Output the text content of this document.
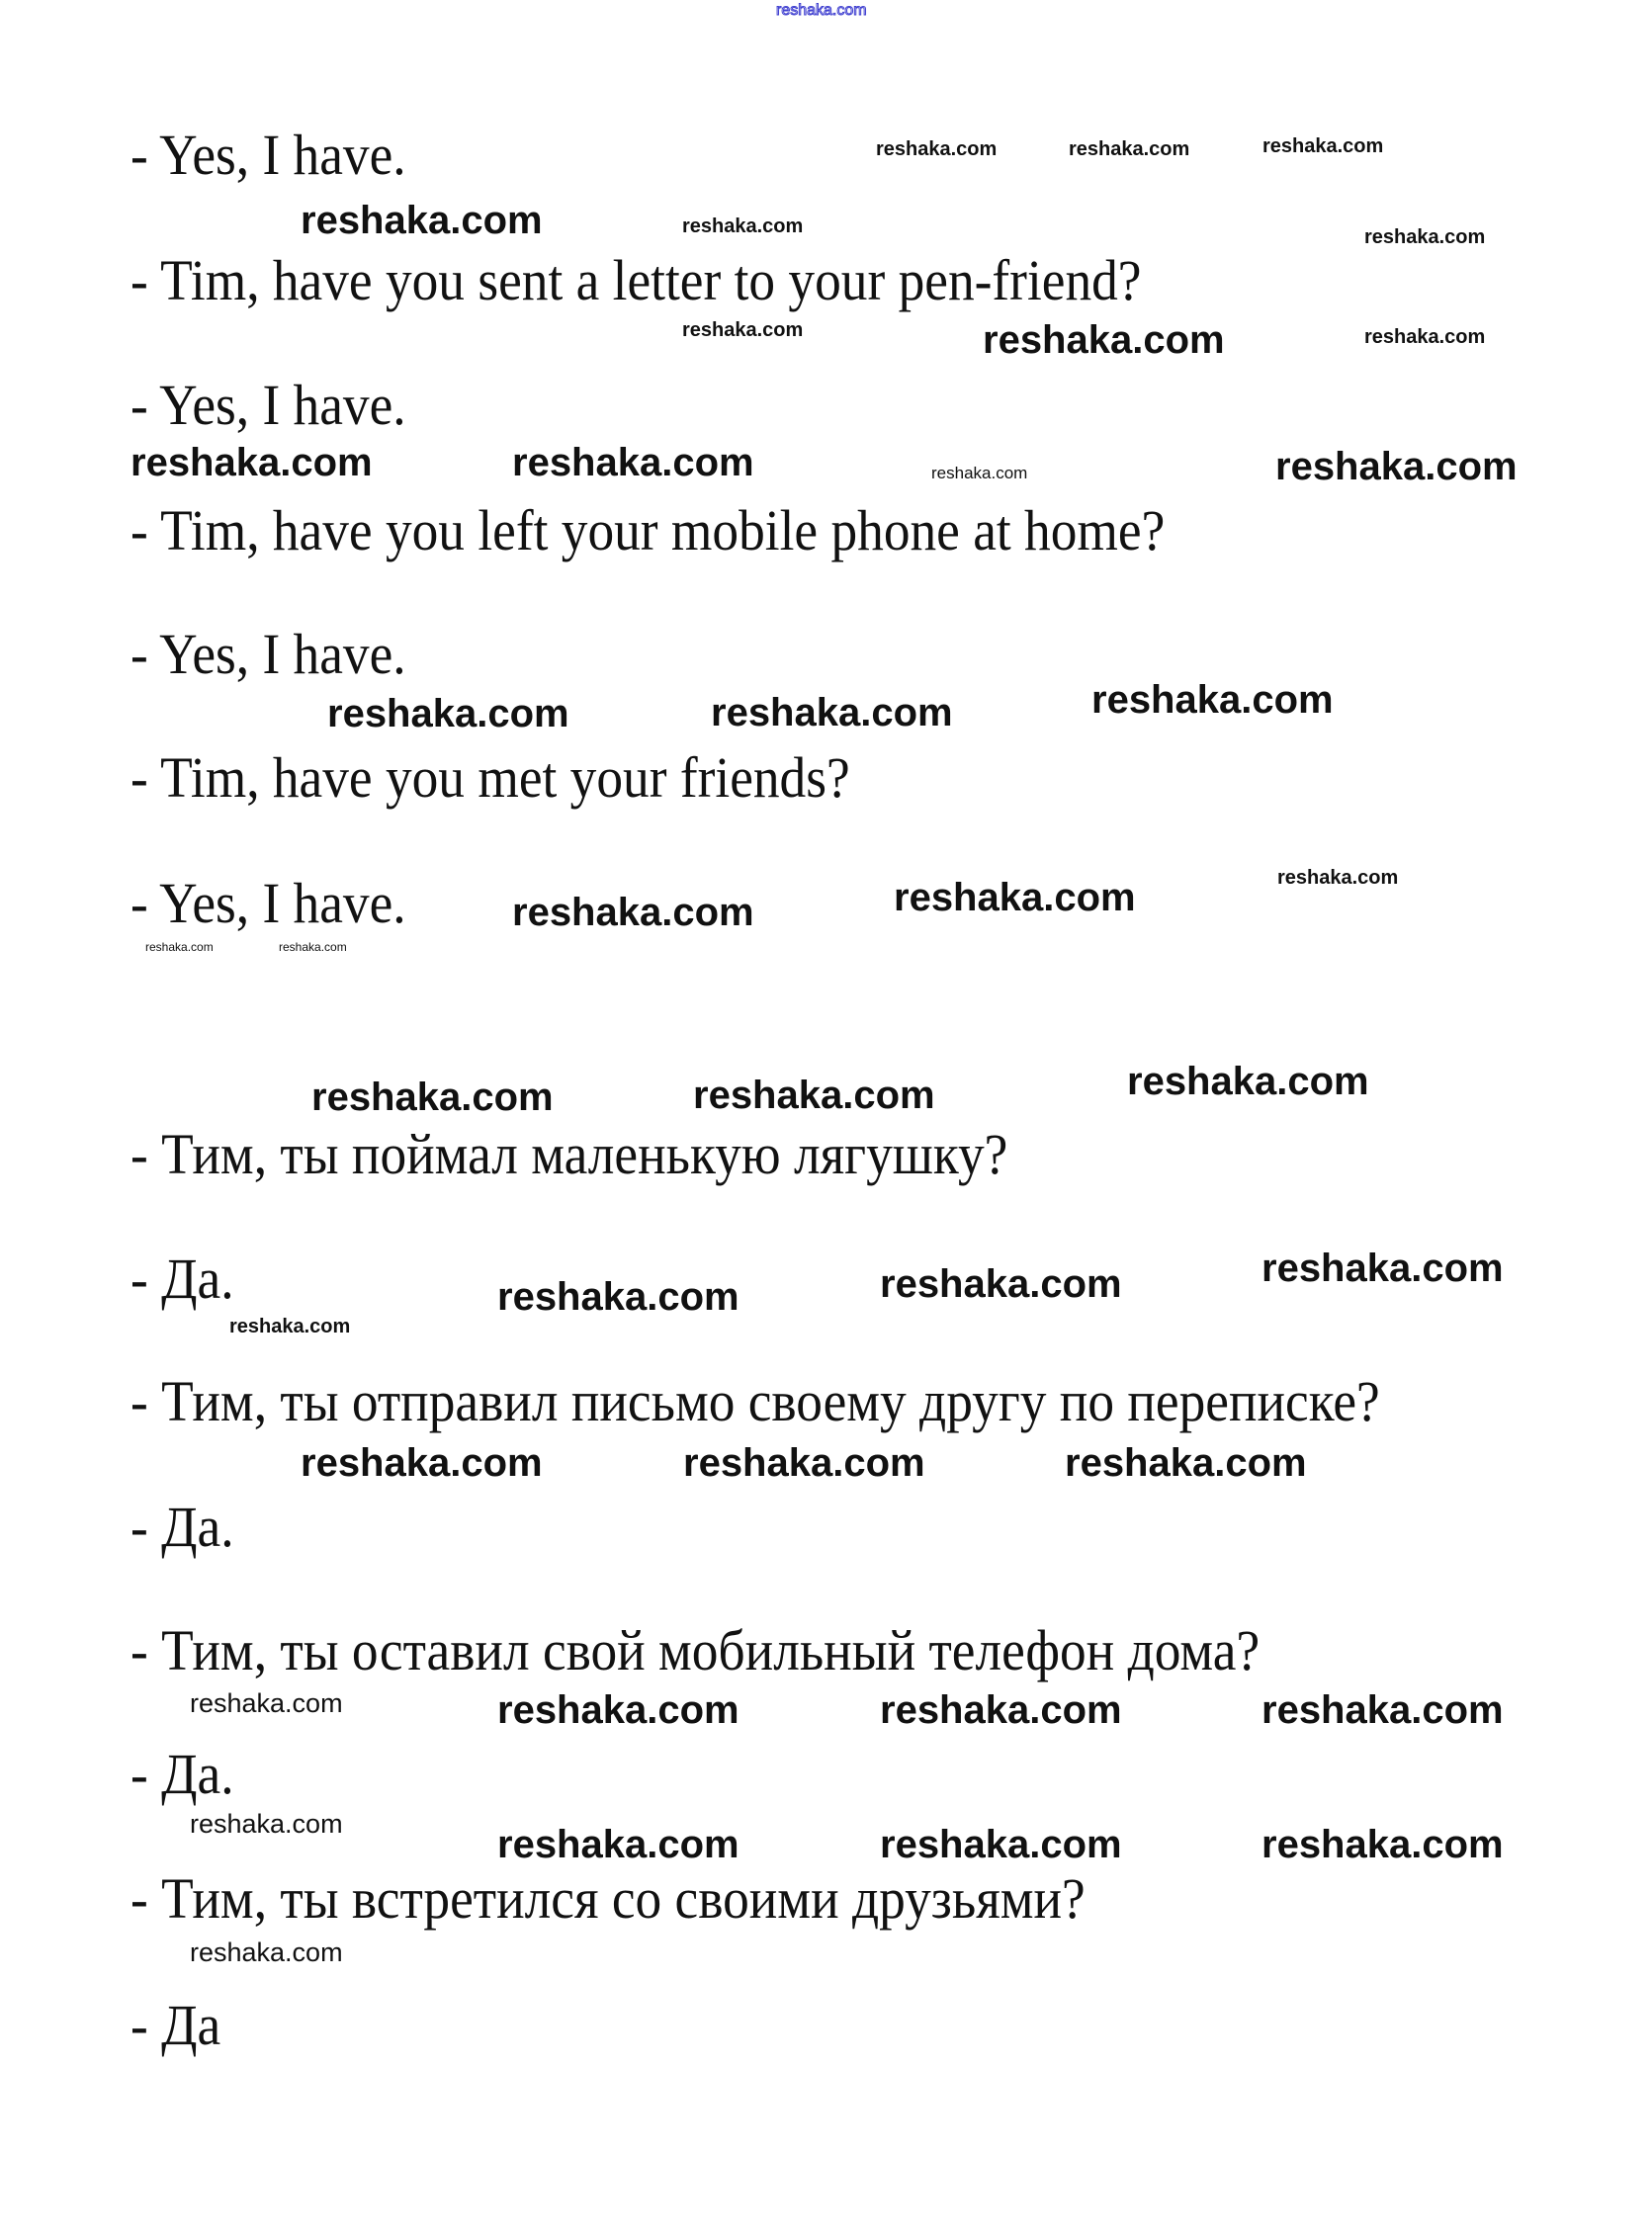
reshaka.com
- Yes, I have.
- Tim, have you sent a letter to your pen-friend?
- Yes, I have.
- Tim, have you left your mobile phone at home?
- Yes, I have.
- Tim, have you met your friends?
- Yes, I have.
- Тим, ты поймал маленькую лягушку?
- Да.
- Тим, ты отправил письмо своему другу по переписке?
- Да.
- Тим, ты оставил свой мобильный телефон дома?
- Да.
- Тим, ты встретился со своими друзьями?
- Да
reshaka.com	reshaka.com	reshaka.com
reshaka.com	reshaka.com
reshaka.com	reshaka.com
reshaka.com
reshaka.com
reshaka.com
reshaka.com
reshaka.com
reshaka.com	reshaka.com	reshaka.com
reshaka.com	reshaka.com	reshaka.com
reshaka.com	reshaka.com
reshaka.com	reshaka.com	reshaka.com
reshaka.com	reshaka.com	reshaka.com
reshaka.com	reshaka.com	reshaka.com
reshaka.com	reshaka.com	reshaka.com
reshaka.com	reshaka.com	reshaka.com
reshaka.com
reshaka.com
reshaka.com
reshaka.com	reshaka.com
